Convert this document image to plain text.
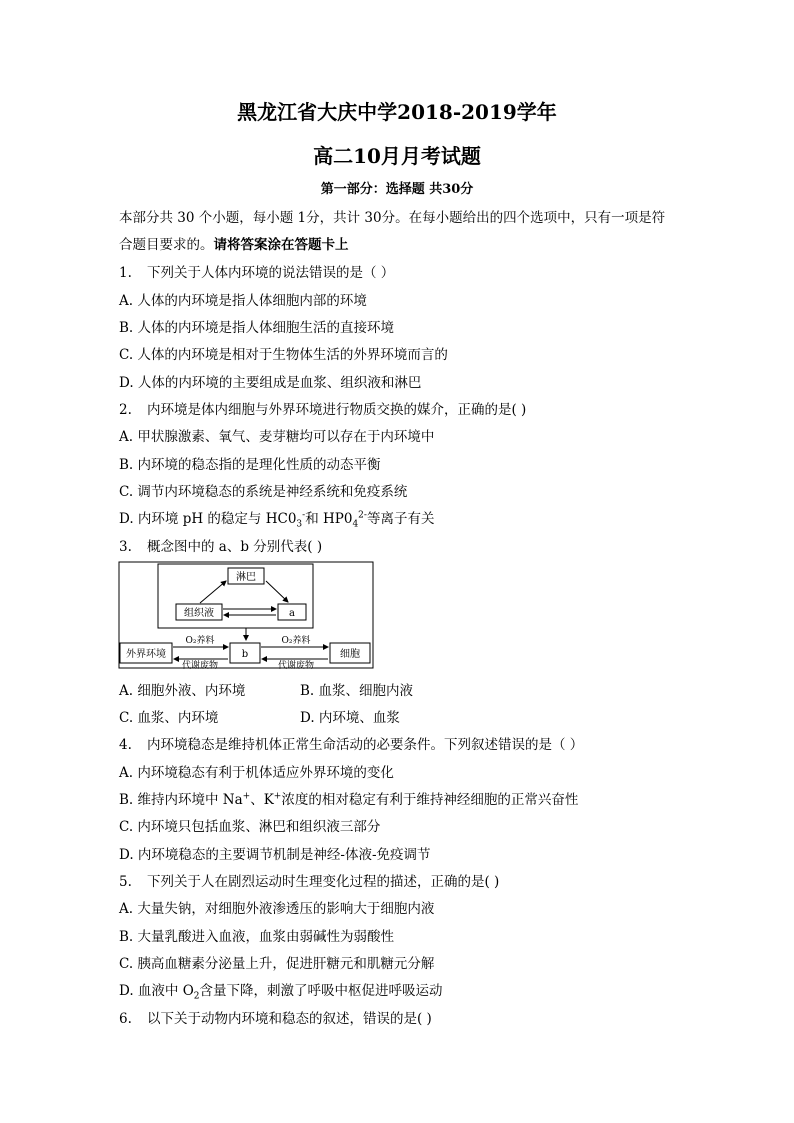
黑龙江省大庆中学2018-2019学年
高二10月月考试题
第一部分：选择题 共30分
本部分共 30 个小题，每小题 1分，共计 30分。在每小题给出的四个选项中，只有一项是符
合题目要求的。请将答案涂在答题卡上
1. 下列关于人体内环境的说法错误的是（ ）
A. 人体的内环境是指人体细胞内部的环境
B. 人体的内环境是指人体细胞生活的直接环境
C. 人体的内环境是相对于生物体生活的外界环境而言的
D. 人体的内环境的主要组成是血浆、组织液和淋巴
2. 内环境是体内细胞与外界环境进行物质交换的媒介，正确的是( )
A. 甲状腺激素、氧气、麦芽糖均可以存在于内环境中
B. 内环境的稳态指的是理化性质的动态平衡
C. 调节内环境稳态的系统是神经系统和免疫系统
D. 内环境 pH 的稳定与 $HC0_3^-$和 $HP0_4^{2-}$等离子有关
3. 概念图中的 a、b 分别代表( )
淋巴
组织液	a
外界环境	b	细胞
O₂养料
代谢废物
O₂养料
代谢废物
A. 细胞外液、内环境	B. 血浆、细胞内液
C. 血浆、内环境	D. 内环境、血浆
4. 内环境稳态是维持机体正常生命活动的必要条件。下列叙述错误的是（ ）
A. 内环境稳态有利于机体适应外界环境的变化
B. 维持内环境中 Na+、K+浓度的相对稳定有利于维持神经细胞的正常兴奋性
C. 内环境只包括血浆、淋巴和组织液三部分
D. 内环境稳态的主要调节机制是神经-体液-免疫调节
5. 下列关于人在剧烈运动时生理变化过程的描述，正确的是( )
A. 大量失钠，对细胞外液渗透压的影响大于细胞内液
B. 大量乳酸进入血液，血浆由弱碱性为弱酸性
C. 胰高血糖素分泌量上升，促进肝糖元和肌糖元分解
D. 血液中 $O_2$含量下降，刺激了呼吸中枢促进呼吸运动
6. 以下关于动物内环境和稳态的叙述，错误的是( )
